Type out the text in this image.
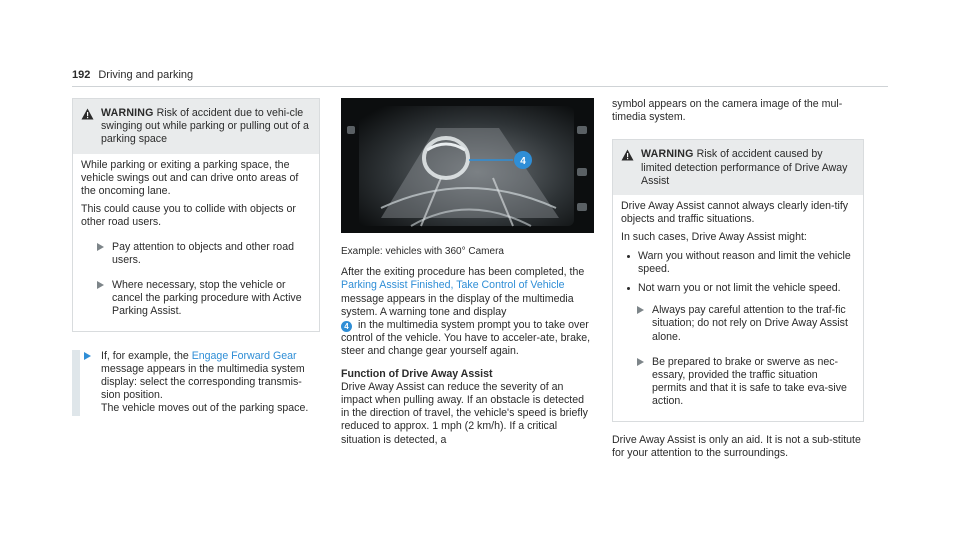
192 Driving and parking
WARNING Risk of accident due to vehi-cle swinging out while parking or pulling out of a parking space

While parking or exiting a parking space, the vehicle swings out and can drive onto areas of the oncoming lane.

This could cause you to collide with objects or other road users.

Pay attention to objects and other road users.
Where necessary, stop the vehicle or cancel the parking procedure with Active Parking Assist.
If, for example, the Engage Forward Gear message appears in the multimedia system display: select the corresponding transmis-sion position.
The vehicle moves out of the parking space.
4
Example: vehicles with 360° Camera

After the exiting procedure has been completed, the Parking Assist Finished, Take Control of Vehicle message appears in the display of the multimedia system. A warning tone and display
4 in the multimedia system prompt you to take over control of the vehicle. You have to acceler-ate, brake, steer and change gear yourself again.

Function of Drive Away Assist

Drive Away Assist can reduce the severity of an impact when pulling away. If an obstacle is detected in the direction of travel, the vehicle's speed is briefly reduced to approx. 1 mph (2 km/h). If a critical situation is detected, a

symbol appears on the camera image of the mul-timedia system.

WARNING Risk of accident caused by limited detection performance of Drive Away Assist

Drive Away Assist cannot always clearly iden-tify objects and traffic situations.

In such cases, Drive Away Assist might:

Warn you without reason and limit the vehicle speed.
Not warn you or not limit the vehicle speed.
Always pay careful attention to the traf-fic situation; do not rely on Drive Away Assist alone.
Be prepared to brake or swerve as nec-essary, provided the traffic situation permits and that it is safe to take eva-sive action.

Drive Away Assist is only an aid. It is not a sub-stitute for your attention to the surroundings.
